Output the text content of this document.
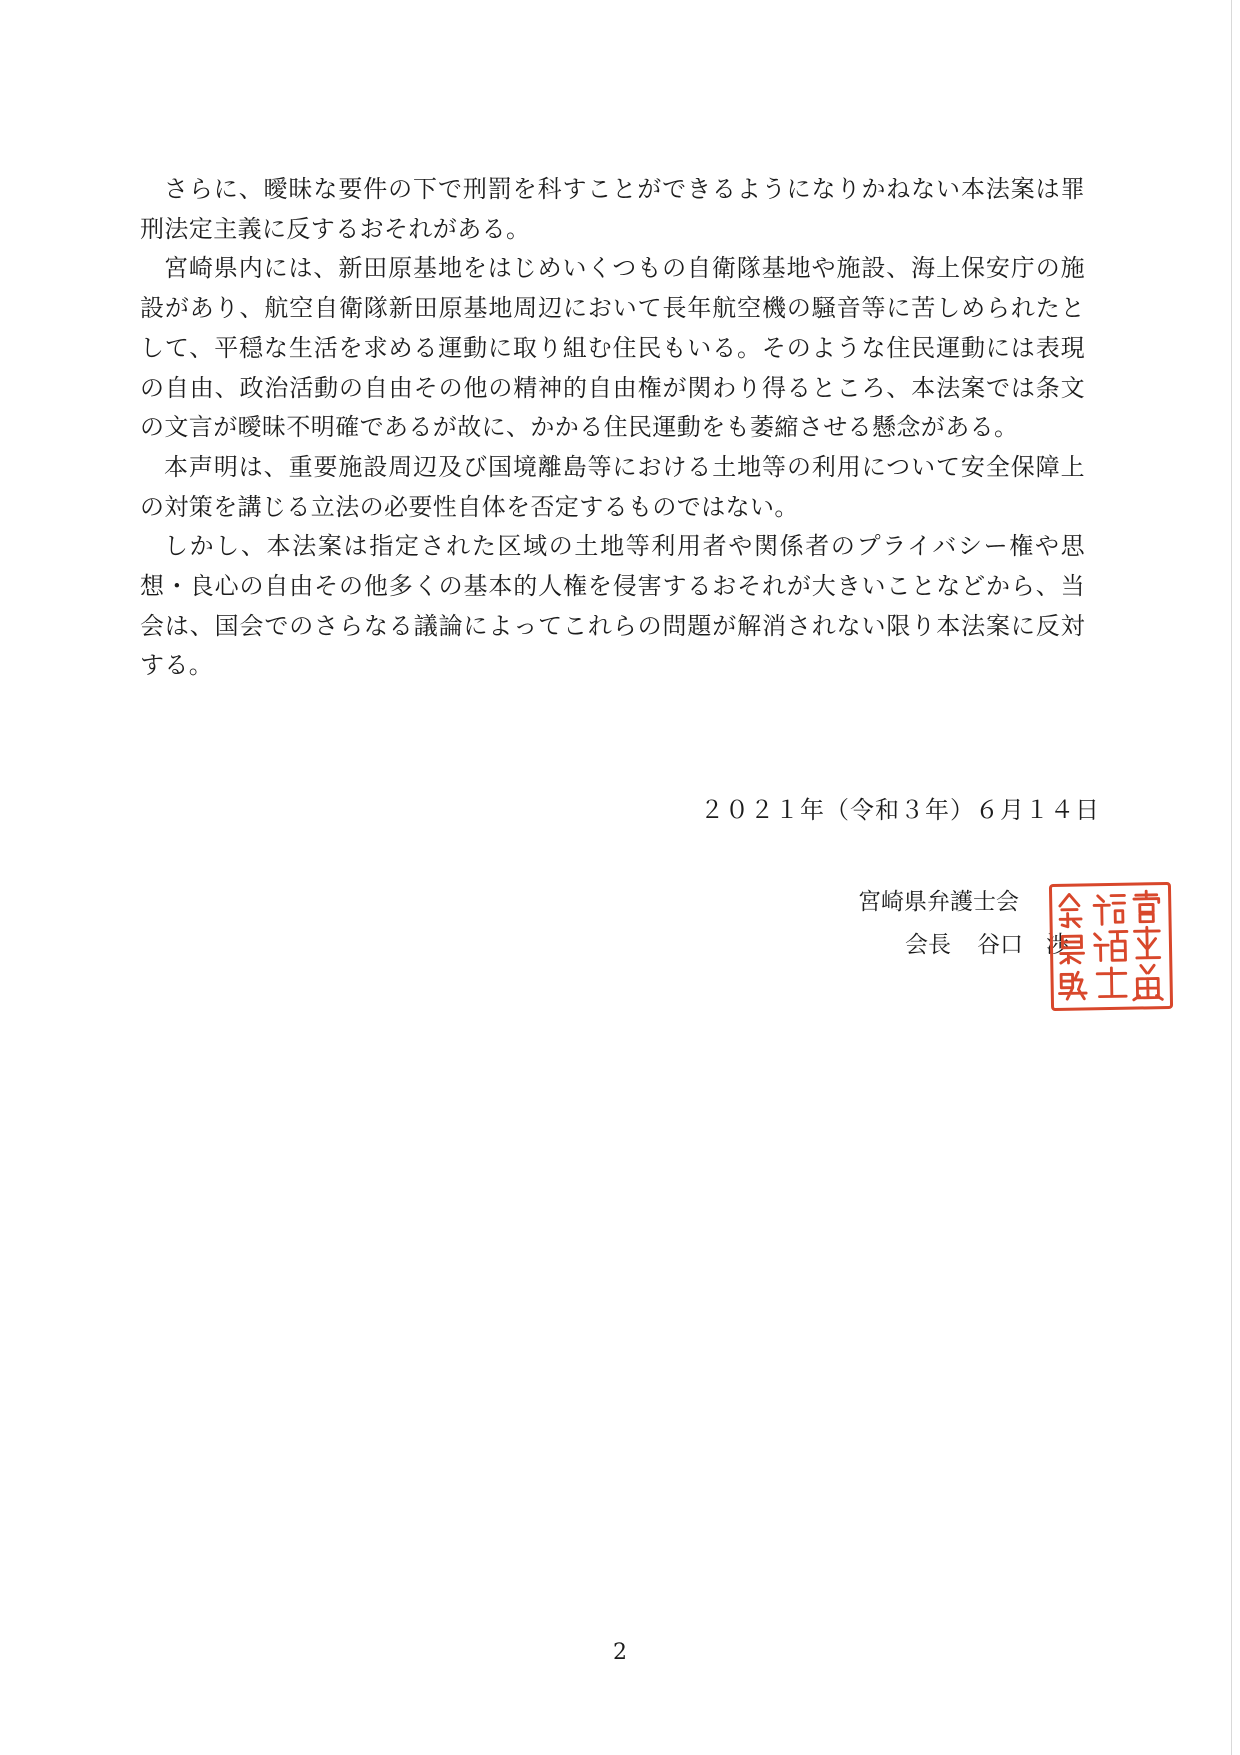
さらに、曖昧な要件の下で刑罰を科すことができるようになりかねない本法案は罪刑法定主義に反するおそれがある。

宮崎県内には、新田原基地をはじめいくつもの自衛隊基地や施設、海上保安庁の施設があり、航空自衛隊新田原基地周辺において長年航空機の騒音等に苦しめられたとして、平穏な生活を求める運動に取り組む住民もいる。そのような住民運動には表現の自由、政治活動の自由その他の精神的自由権が関わり得るところ、本法案では条文の文言が曖昧不明確であるが故に、かかる住民運動をも萎縮させる懸念がある。

本声明は、重要施設周辺及び国境離島等における土地等の利用について安全保障上の対策を講じる立法の必要性自体を否定するものではない。

しかし、本法案は指定された区域の土地等利用者や関係者のプライバシー権や思想・良心の自由その他多くの基本的人権を侵害するおそれが大きいことなどから、当会は、国会でのさらなる議論によってこれらの問題が解消されない限り本法案に反対する。

２０２１年（令和３年）６月１４日
宮崎県弁護士会
会長 谷口　渉
2
